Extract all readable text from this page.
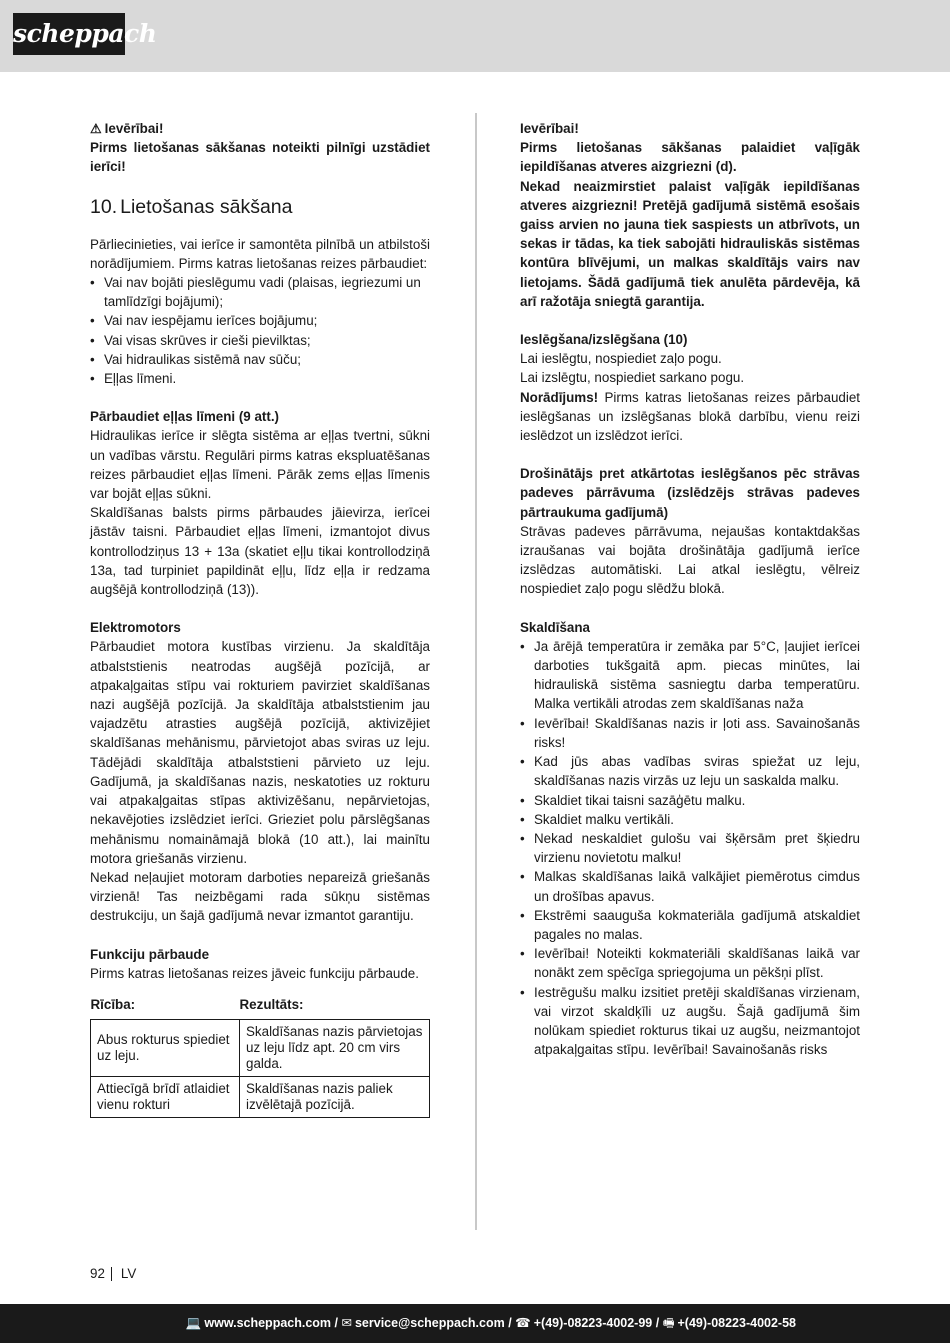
scheppach

⚠ Ievērībai!

Pirms lietošanas sākšanas noteikti pilnīgi uzstādiet ierīci!

10. Lietošanas sākšana

Pārliecinieties, vai ierīce ir samontēta pilnībā un atbilstoši norādījumiem. Pirms katras lietošanas reizes pārbaudiet:

• Vai nav bojāti pieslēgumu vadi (plaisas, iegriezumi un tamlīdzīgi bojājumi);
• Vai nav iespējamu ierīces bojājumu;
• Vai visas skrūves ir cieši pievilktas;
• Vai hidraulikas sistēmā nav sūču;
• Eļļas līmeni.

Pārbaudiet eļļas līmeni (9 att.)

Hidraulikas ierīce ir slēgta sistēma ar eļļas tvertni, sūkni un vadības vārstu. Regulāri pirms katras ekspluatēšanas reizes pārbaudiet eļļas līmeni. Pārāk zems eļļas līmenis var bojāt eļļas sūkni.

Skaldīšanas balsts pirms pārbaudes jāievirza, ierīcei jāstāv taisni. Pārbaudiet eļļas līmeni, izmantojot divus kontrollodziņus 13 + 13a (skatiet eļļu tikai kontrollodziņā 13a, tad turpiniet papildināt eļļu, līdz eļļa ir redzama augšējā kontrollodziņā (13)).

Elektromotors

Pārbaudiet motora kustības virzienu. Ja skaldītāja atbalststienis neatrodas augšējā pozīcijā, ar atpakaļgaitas stīpu vai rokturiem pavirziet skaldīšanas nazi augšējā pozīcijā. Ja skaldītāja atbalststienim jau vajadzētu atrasties augšējā pozīcijā, aktivizējiet skaldīšanas mehānismu, pārvietojot abas sviras uz leju. Tādējādi skaldītāja atbalststieni pārvieto uz leju. Gadījumā, ja skaldīšanas nazis, neskatoties uz rokturu vai atpakaļgaitas stīpas aktivizēšanu, nepārvietojas, nekavējoties izslēdziet ierīci. Grieziet polu pārslēgšanas mehānismu nomaināmajā blokā (10 att.), lai mainītu motora griešanās virzienu.

Nekad neļaujiet motoram darboties nepareizā griešanās virzienā! Tas neizbēgami rada sūkņu sistēmas destrukciju, un šajā gadījumā nevar izmantot garantiju.

Funkciju pārbaude

Pirms katras lietošanas reizes jāveic funkciju pārbaude.

Rīcība:	Rezultāts:
Abus rokturus spiediet uz leju.	Skaldīšanas nazis pārvietojas uz leju līdz apt. 20 cm virs galda.
Attiecīgā brīdī atlaidiet vienu rokturi	Skaldīšanas nazis paliek izvēlētajā pozīcijā.

Ievērībai!

Pirms lietošanas sākšanas palaidiet vaļīgāk iepildīšanas atveres aizgriezni (d).

Nekad neaizmirstiet palaist vaļīgāk iepildīšanas atveres aizgriezni! Pretējā gadījumā sistēmā esošais gaiss arvien no jauna tiek saspiests un atbrīvots, un sekas ir tādas, ka tiek sabojāti hidrauliskās sistēmas kontūra blīvējumi, un malkas skaldītājs vairs nav lietojams. Šādā gadījumā tiek anulēta pārdevēja, kā arī ražotāja sniegtā garantija.

Ieslēgšana/izslēgšana (10)

Lai ieslēgtu, nospiediet zaļo pogu.

Lai izslēgtu, nospiediet sarkano pogu.

Norādījums! Pirms katras lietošanas reizes pārbaudiet ieslēgšanas un izslēgšanas blokā darbību, vienu reizi ieslēdzot un izslēdzot ierīci.

Drošinātājs pret atkārtotas ieslēgšanos pēc strāvas padeves pārrāvuma (izslēdzējs strāvas padeves pārtraukuma gadījumā)

Strāvas padeves pārrāvuma, nejaušas kontaktdakšas izraušanas vai bojāta drošinātāja gadījumā ierīce izslēdzas automātiski. Lai atkal ieslēgtu, vēlreiz nospiediet zaļo pogu slēdžu blokā.

Skaldīšana

• Ja ārējā temperatūra ir zemāka par 5°C, ļaujiet ierīcei darboties tukšgaitā apm. piecas minūtes, lai hidrauliskā sistēma sasniegtu darba temperatūru. Malka vertikāli atrodas zem skaldīšanas naža
• Ievērībai! Skaldīšanas nazis ir ļoti ass. Savainošanās risks!
• Kad jūs abas vadības sviras spiežat uz leju, skaldīšanas nazis virzās uz leju un saskalda malku.
• Skaldiet tikai taisni sazāģētu malku.
• Skaldiet malku vertikāli.
• Nekad neskaldiet gulošu vai šķērsām pret šķiedru virzienu novietotu malku!
• Malkas skaldīšanas laikā valkājiet piemērotus cimdus un drošības apavus.
• Ekstrēmi saauguša kokmateriāla gadījumā atskaldiet pagales no malas.
• Ievērībai! Noteikti kokmateriāli skaldīšanas laikā var nonākt zem spēcīga spriegojuma un pēkšņi plīst.
• Iestrēgušu malku izsitiet pretēji skaldīšanas virzienam, vai virzot skaldķīli uz augšu. Šajā gadījumā šim nolūkam spiediet rokturus tikai uz augšu, neizmantojot atpakaļgaitas stīpu. Ievērībai! Savainošanās risks
92 LV
💻 www.scheppach.com / ✉ service@scheppach.com / ☎ +(49)-08223-4002-99 / 🖷 +(49)-08223-4002-58
